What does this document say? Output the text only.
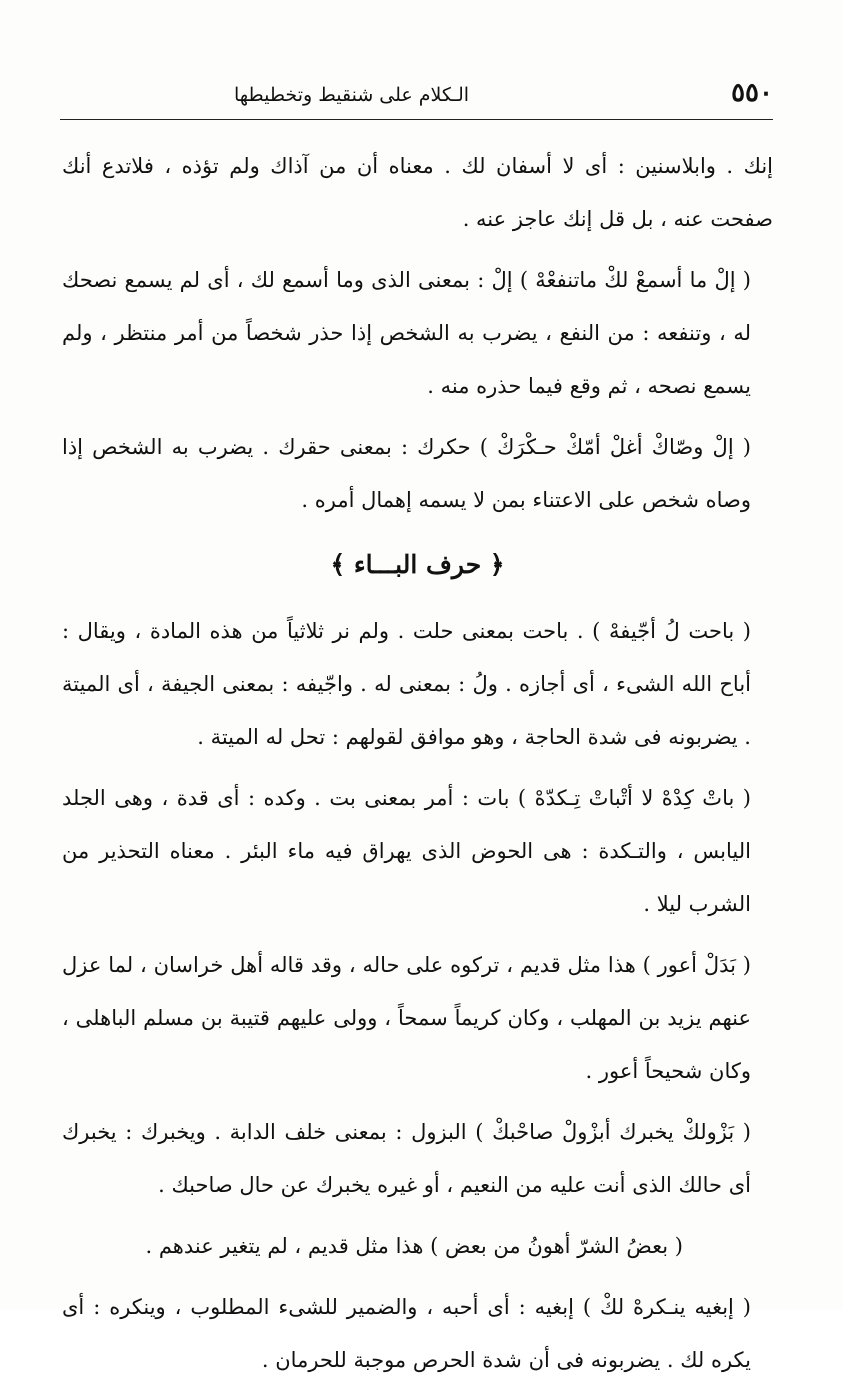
٥٥٠
الـكلام على شنقيط وتخطيطها

إنك . وابلاسنين : أى لا أسفان لك . معناه أن من آذاك ولم تؤذه ، فلاتدع أنك صفحت عنه ، بل قل إنك عاجز عنه .

( إلْ ما أسمعْ لكْ ماتنفعْهْ ) إلْ : بمعنى الذى وما أسمع لك ، أى لم يسمع نصحك له ، وتنفعه : من النفع ، يضرب به الشخص إذا حذر شخصاً من أمر منتظر ، ولم يسمع نصحه ، ثم وقع فيما حذره منه .

( إلْ وصّاكْ أغلْ أمّكْ حـكْرَكْ ) حكرك : بمعنى حقرك . يضرب به الشخص إذا وصاه شخص على الاعتناء بمن لا يسمه إهمال أمره .

﴿ حرف البـــاء ﴾

( باحت لُ أجّيفهْ ) . باحت بمعنى حلت . ولم نر ثلاثياً من هذه المادة ، ويقال : أباح الله الشىء ، أى أجازه . ولُ : بمعنى له . واجّيفه : بمعنى الجيفة ، أى الميتة . يضربونه فى شدة الحاجة ، وهو موافق لقولهم : تحل له الميتة .

( باتْ كِدْهْ لا أتْباتْ تِـكدّهْ ) بات : أمر بمعنى بت . وكده : أى قدة ، وهى الجلد اليابس ، والتـكدة : هى الحوض الذى يهراق فيه ماء البئر . معناه التحذير من الشرب ليلا .

( بَدَلْ أعور ) هذا مثل قديم ، تركوه على حاله ، وقد قاله أهل خراسان ، لما عزل عنهم يزيد بن المهلب ، وكان كريماً سمحاً ، وولى عليهم قتيبة بن مسلم الباهلى ، وكان شحيحاً أعور .

( بَزْولكْ يخبرك أبزْولْ صاحْبكْ ) البزول : بمعنى خلف الدابة . ويخبرك : يخبرك أى حالك الذى أنت عليه من النعيم ، أو غيره يخبرك عن حال صاحبك .

( بعضُ الشرّ أهونُ من بعض ) هذا مثل قديم ، لم يتغير عندهم .

( إبغيه ينـكرهْ لكْ ) إبغيه : أى أحبه ، والضمير للشىء المطلوب ، وينكره : أى يكره لك . يضربونه فى أن شدة الحرص موجبة للحرمان .
